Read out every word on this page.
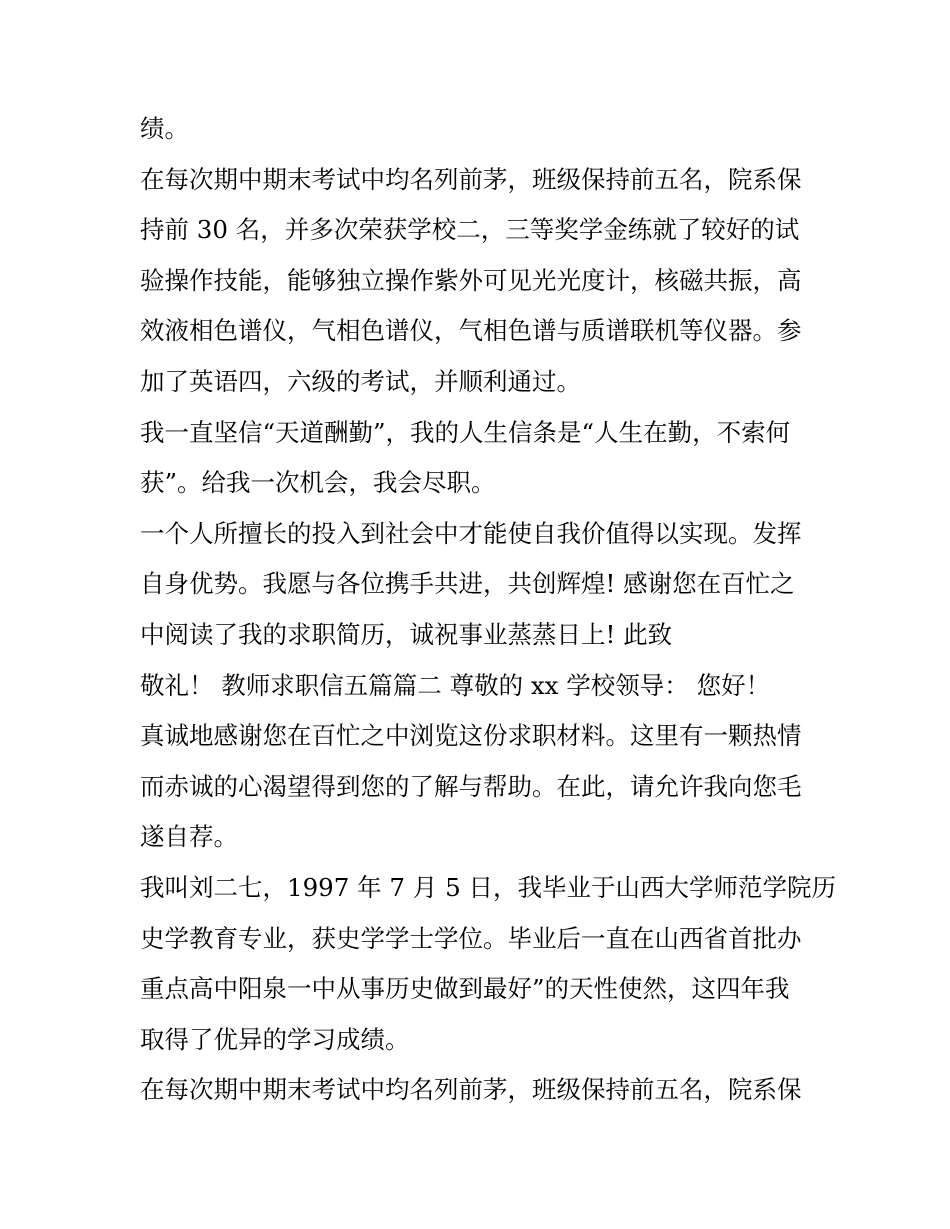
绩。
在每次期中期末考试中均名列前茅，班级保持前五名，院系保
持前 30 名，并多次荣获学校二，三等奖学金练就了较好的试
验操作技能，能够独立操作紫外可见光光度计，核磁共振，高
效液相色谱仪，气相色谱仪，气相色谱与质谱联机等仪器。参
加了英语四，六级的考试，并顺利通过。
我一直坚信“天道酬勤”，我的人生信条是“人生在勤，不索何
获”。给我一次机会，我会尽职。
一个人所擅长的投入到社会中才能使自我价值得以实现。发挥
自身优势。我愿与各位携手共进，共创辉煌! 感谢您在百忙之
中阅读了我的求职简历，诚祝事业蒸蒸日上! 此致
敬礼！ 教师求职信五篇篇二 尊敬的 xx 学校领导： 您好！
真诚地感谢您在百忙之中浏览这份求职材料。这里有一颗热情
而赤诚的心渴望得到您的了解与帮助。在此，请允许我向您毛
遂自荐。
我叫刘二七，1997 年 7 月 5 日，我毕业于山西大学师范学院历
史学教育专业，获史学学士学位。毕业后一直在山西省首批办
重点高中阳泉一中从事历史做到最好”的天性使然，这四年我
取得了优异的学习成绩。
在每次期中期末考试中均名列前茅，班级保持前五名，院系保
